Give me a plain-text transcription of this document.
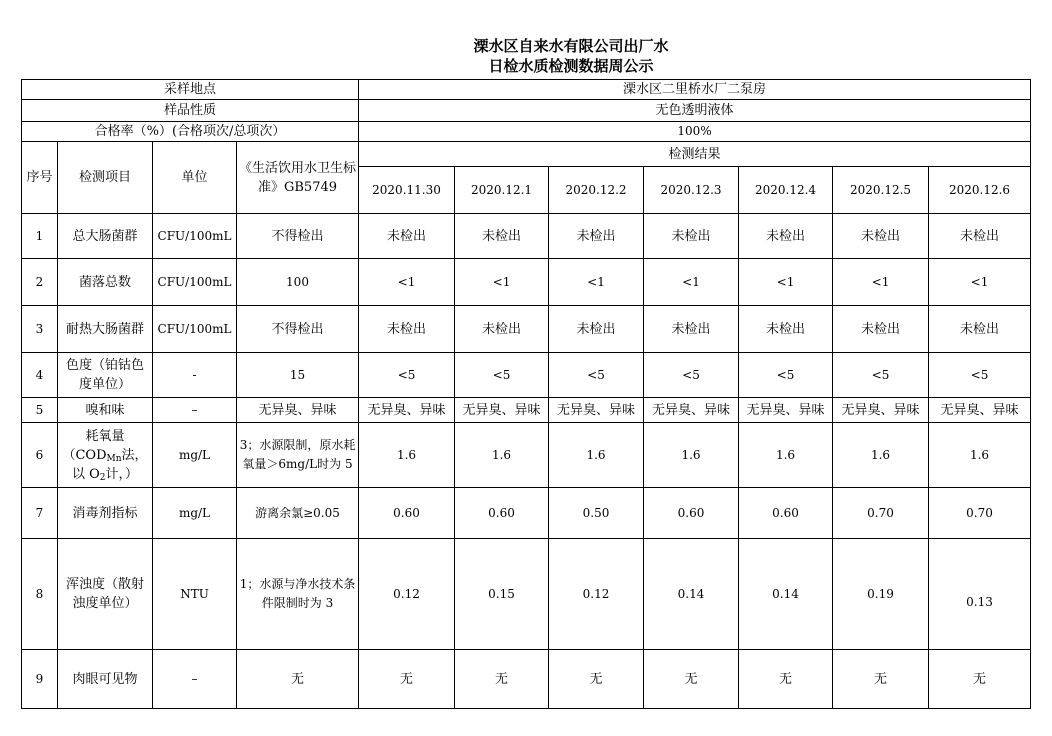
溧水区自来水有限公司出厂水
日检水质检测数据周公示
采样地点				溧水区二里桥水厂二泵房						
样品性质				无色透明液体						
合格率（%）(合格项次/总项次）				100%						
序号	检测项目	单位	《生活饮用水卫生标准》GB5749	检测结果						
				2020.11.30	2020.12.1	2020.12.2	2020.12.3	2020.12.4	2020.12.5	2020.12.6
1	总大肠菌群	CFU/100mL	不得检出	未检出	未检出	未检出	未检出	未检出	未检出	未检出
2	菌落总数	CFU/100mL	100	<1	<1	<1	<1	<1	<1	<1
3	耐热大肠菌群	CFU/100mL	不得检出	未检出	未检出	未检出	未检出	未检出	未检出	未检出
4	色度（铂钴色度单位）	-	15	<5	<5	<5	<5	<5	<5	<5
5	嗅和味	–	无异臭、异味	无异臭、异味	无异臭、异味	无异臭、异味	无异臭、异味	无异臭、异味	无异臭、异味	无异臭、异味
6	耗氧量
（$COD_{Mn}$法，
以 $O_2$计，）	mg/L	3；水源限制，原水耗氧量＞6mg/L时为 5	1.6	1.6	1.6	1.6	1.6	1.6	1.6
7	消毒剂指标	mg/L	游离余氯≥0.05	0.60	0.60	0.50	0.60	0.60	0.70	0.70
8	浑浊度（散射浊度单位）	NTU	1；水源与净水技术条件限制时为 3	0.12	0.15	0.12	0.14	0.14	0.19	0.13
9	肉眼可见物	–	无	无	无	无	无	无	无	无
